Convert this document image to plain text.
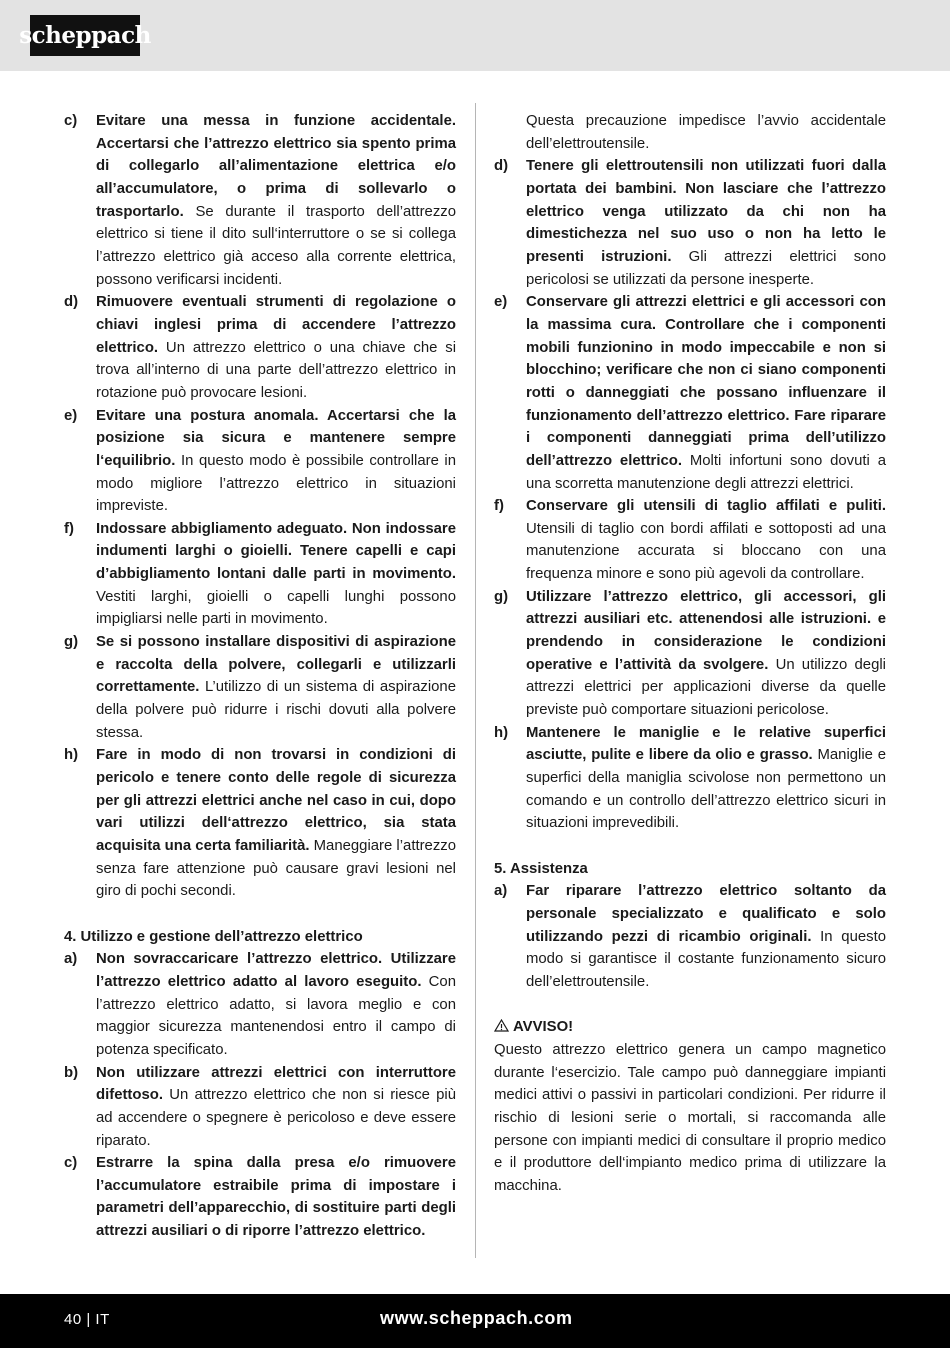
scheppach
c)	Evitare una messa in funzione accidentale. Accertarsi che l’attrezzo elettrico sia spento prima di collegarlo all’alimentazione elettrica e/o all’accumulatore, o prima di sollevarlo o trasportarlo. Se durante il trasporto dell’attrezzo elettrico si tiene il dito sull‘interruttore o se si collega l’attrezzo elettrico già acceso alla corrente elettrica, possono verificarsi incidenti.

d)	Rimuovere eventuali strumenti di regolazione o chiavi inglesi prima di accendere l’attrezzo elettrico. Un attrezzo elettrico o una chiave che si trova all’interno di una parte dell’attrezzo elettrico in rotazione può provocare lesioni.

e)	Evitare una postura anomala. Accertarsi che la posizione sia sicura e mantenere sempre l‘equilibrio. In questo modo è possibile controllare in modo migliore l’attrezzo elettrico in situazioni impreviste.

f)	Indossare abbigliamento adeguato. Non indossare indumenti larghi o gioielli. Tenere capelli e capi d’abbigliamento lontani dalle parti in movimento. Vestiti larghi, gioielli o capelli lunghi possono impigliarsi nelle parti in movimento.

g)	Se si possono installare dispositivi di aspirazione e raccolta della polvere, collegarli e utilizzarli correttamente. L’utilizzo di un sistema di aspirazione della polvere può ridurre i rischi dovuti alla polvere stessa.

h)	Fare in modo di non trovarsi in condizioni di pericolo e tenere conto delle regole di sicurezza per gli attrezzi elettrici anche nel caso in cui, dopo vari utilizzi dell‘attrezzo elettrico, sia stata acquisita una certa familiarità. Maneggiare l’attrezzo senza fare attenzione può causare gravi lesioni nel giro di pochi secondi.

4. Utilizzo e gestione dell’attrezzo elettrico

a)	Non sovraccaricare l’attrezzo elettrico. Utilizzare l’attrezzo elettrico adatto al lavoro eseguito. Con l’attrezzo elettrico adatto, si lavora meglio e con maggior sicurezza mantenendosi entro il campo di potenza specificato.

b)	Non utilizzare attrezzi elettrici con interruttore difettoso. Un attrezzo elettrico che non si riesce più ad accendere o spegnere è pericoloso e deve essere riparato.

c)	Estrarre la spina dalla presa e/o rimuovere l’accumulatore estraibile prima di impostare i parametri dell’apparecchio, di sostituire parti degli attrezzi ausiliari o di riporre l’attrezzo elettrico.

Questa precauzione impedisce l’avvio accidentale dell’elettroutensile.

d)	Tenere gli elettroutensili non utilizzati fuori dalla portata dei bambini. Non lasciare che l’attrezzo elettrico venga utilizzato da chi non ha dimestichezza nel suo uso o non ha letto le presenti istruzioni. Gli attrezzi elettrici sono pericolosi se utilizzati da persone inesperte.

e)	Conservare gli attrezzi elettrici e gli accessori con la massima cura. Controllare che i componenti mobili funzionino in modo impeccabile e non si blocchino; verificare che non ci siano componenti rotti o danneggiati che possano influenzare il funzionamento dell’attrezzo elettrico. Fare riparare i componenti danneggiati prima dell’utilizzo dell’attrezzo elettrico. Molti infortuni sono dovuti a una scorretta manutenzione degli attrezzi elettrici.

f)	Conservare gli utensili di taglio affilati e puliti. Utensili di taglio con bordi affilati e sottoposti ad una manutenzione accurata si bloccano con una frequenza minore e sono più agevoli da controllare.

g)	Utilizzare l’attrezzo elettrico, gli accessori, gli attrezzi ausiliari etc. attenendosi alle istruzioni. e prendendo in considerazione le condizioni operative e l’attività da svolgere. Un utilizzo degli attrezzi elettrici per applicazioni diverse da quelle previste può comportare situazioni pericolose.

h)	Mantenere le maniglie e le relative superfici asciutte, pulite e libere da olio e grasso. Maniglie e superfici della maniglia scivolose non permettono un comando e un controllo dell’attrezzo elettrico sicuri in situazioni imprevedibili.

5. Assistenza

a)	Far riparare l’attrezzo elettrico soltanto da personale specializzato e qualificato e solo utilizzando pezzi di ricambio originali. In questo modo si garantisce il costante funzionamento sicuro dell’elettroutensile.

AVVISO!

Questo attrezzo elettrico genera un campo magnetico durante l‘esercizio. Tale campo può danneggiare impianti medici attivi o passivi in particolari condizioni. Per ridurre il rischio di lesioni serie o mortali, si raccomanda alle persone con impianti medici di consultare il proprio medico e il produttore dell‘impianto medico prima di utilizzare la macchina.

40 | IT	www.scheppach.com
